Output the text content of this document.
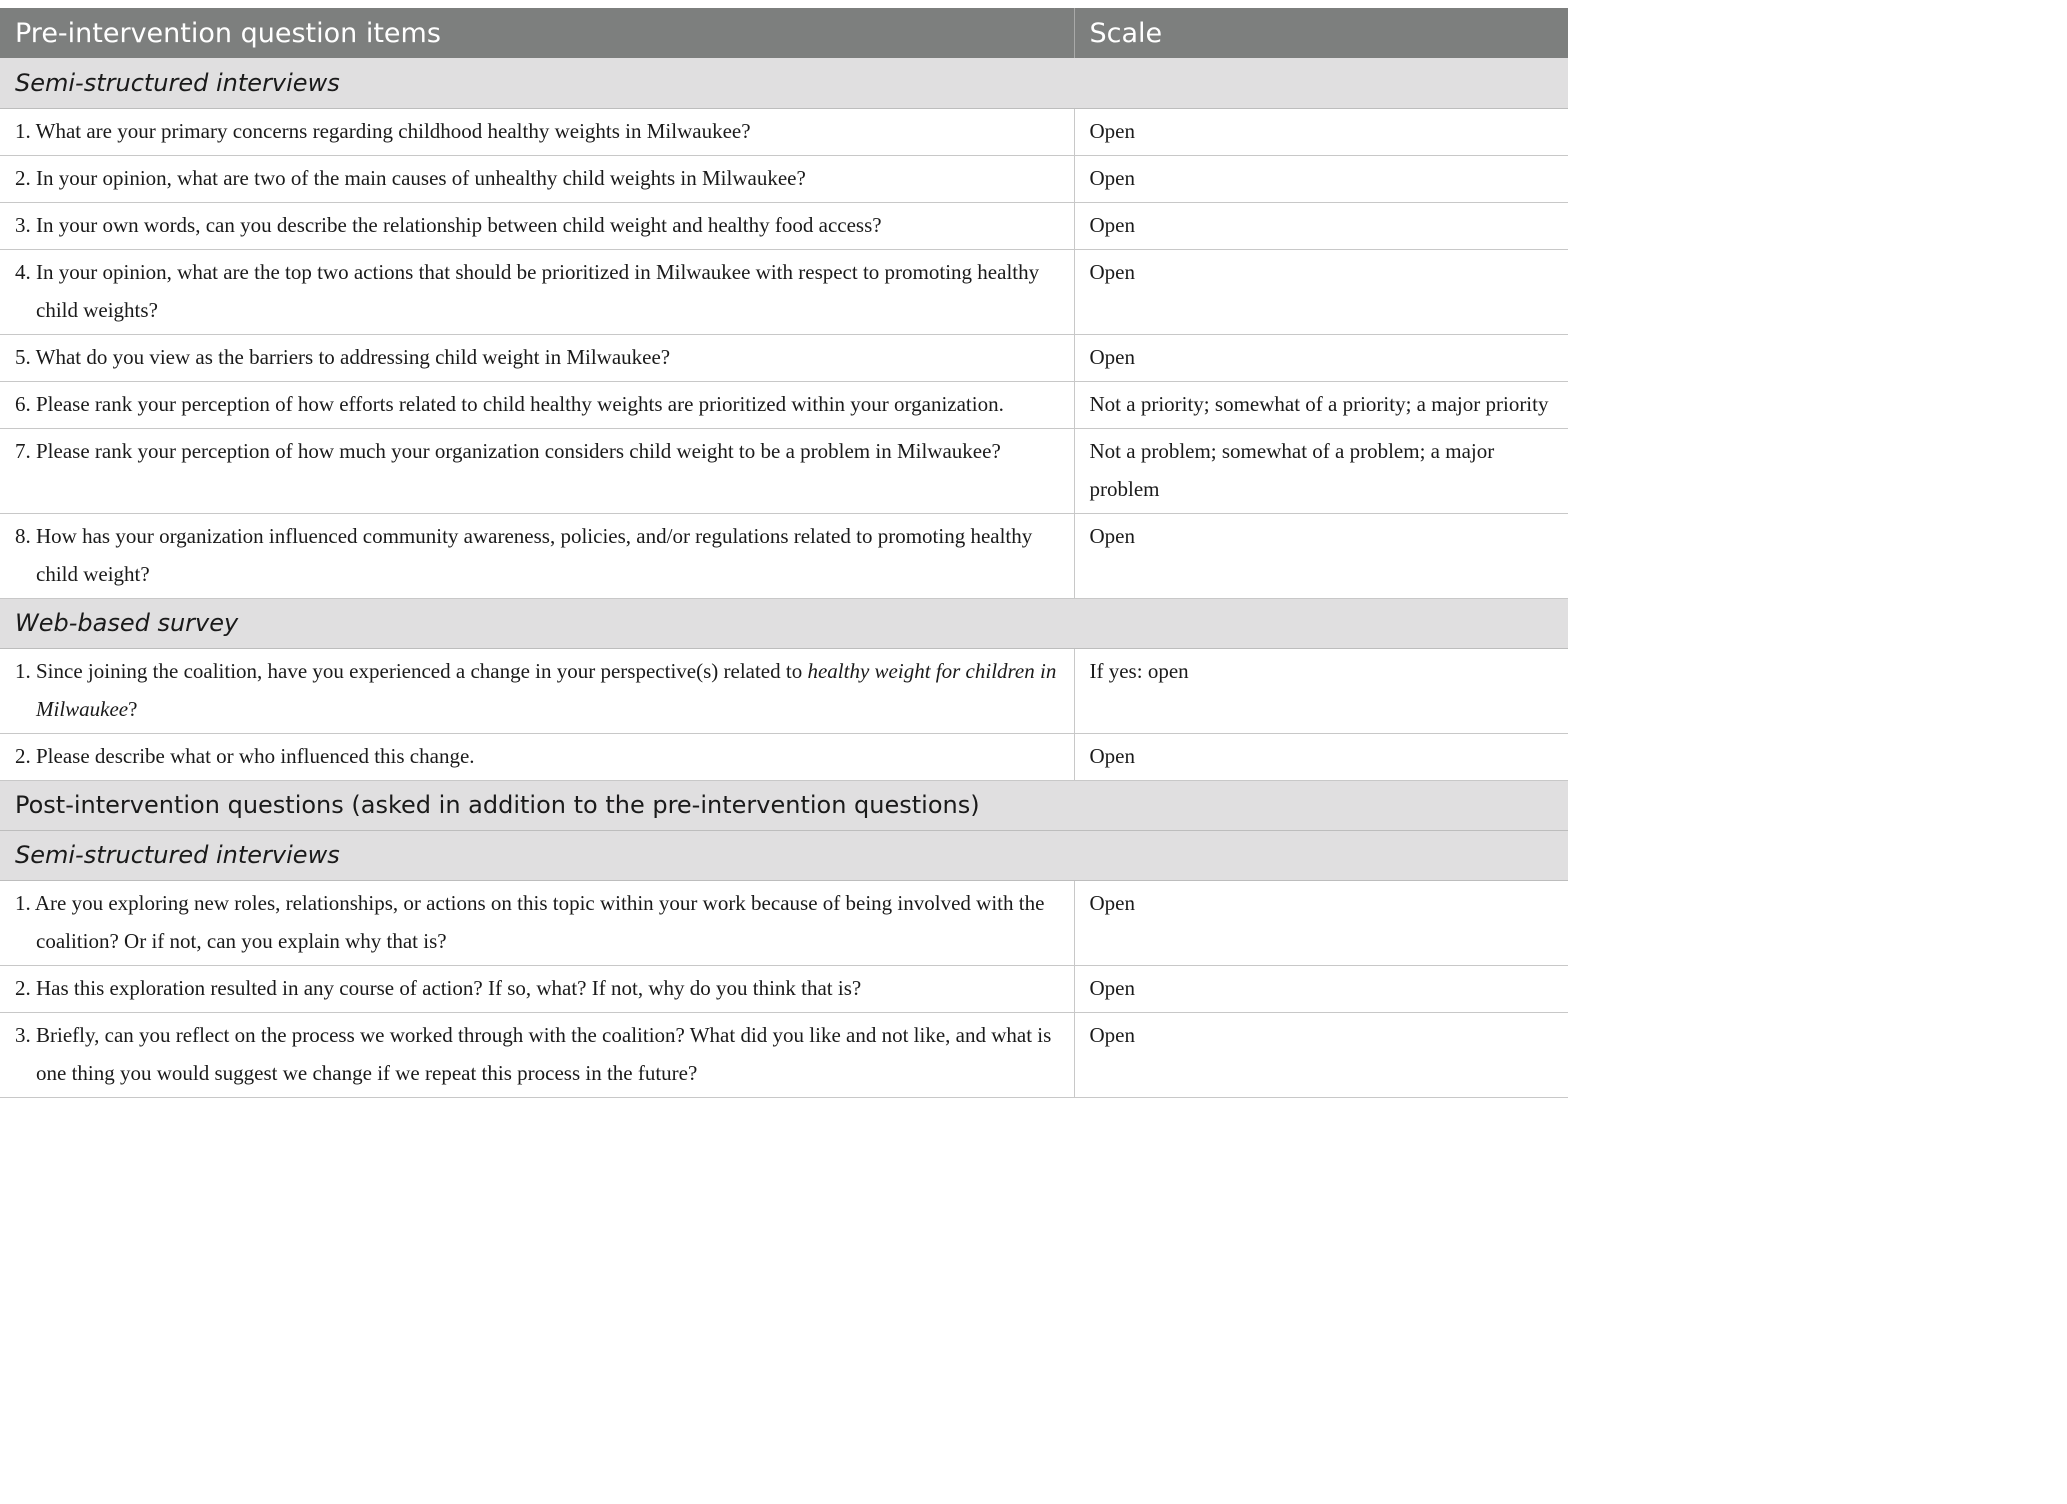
Pre-intervention question items	Scale
Semi-structured interviews	
1. What are your primary concerns regarding childhood healthy weights in Milwaukee?	Open
2. In your opinion, what are two of the main causes of unhealthy child weights in Milwaukee?	Open
3. In your own words, can you describe the relationship between child weight and healthy food access?	Open
4. In your opinion, what are the top two actions that should be prioritized in Milwaukee with respect to promoting healthy child weights?	Open
5. What do you view as the barriers to addressing child weight in Milwaukee?	Open
6. Please rank your perception of how efforts related to child healthy weights are prioritized within your organization.	Not a priority; somewhat of a priority; a major priority
7. Please rank your perception of how much your organization considers child weight to be a problem in Milwaukee?	Not a problem; somewhat of a problem; a major problem
8. How has your organization influenced community awareness, policies, and/or regulations related to promoting healthy child weight?	Open
Web-based survey	
1. Since joining the coalition, have you experienced a change in your perspective(s) related to healthy weight for children in Milwaukee?	If yes: open
2. Please describe what or who influenced this change.	Open
Post-intervention questions (asked in addition to the pre-intervention questions)	
Semi-structured interviews	
1. Are you exploring new roles, relationships, or actions on this topic within your work because of being involved with the coalition? Or if not, can you explain why that is?	Open
2. Has this exploration resulted in any course of action? If so, what? If not, why do you think that is?	Open
3. Briefly, can you reflect on the process we worked through with the coalition? What did you like and not like, and what is one thing you would suggest we change if we repeat this process in the future?	Open
